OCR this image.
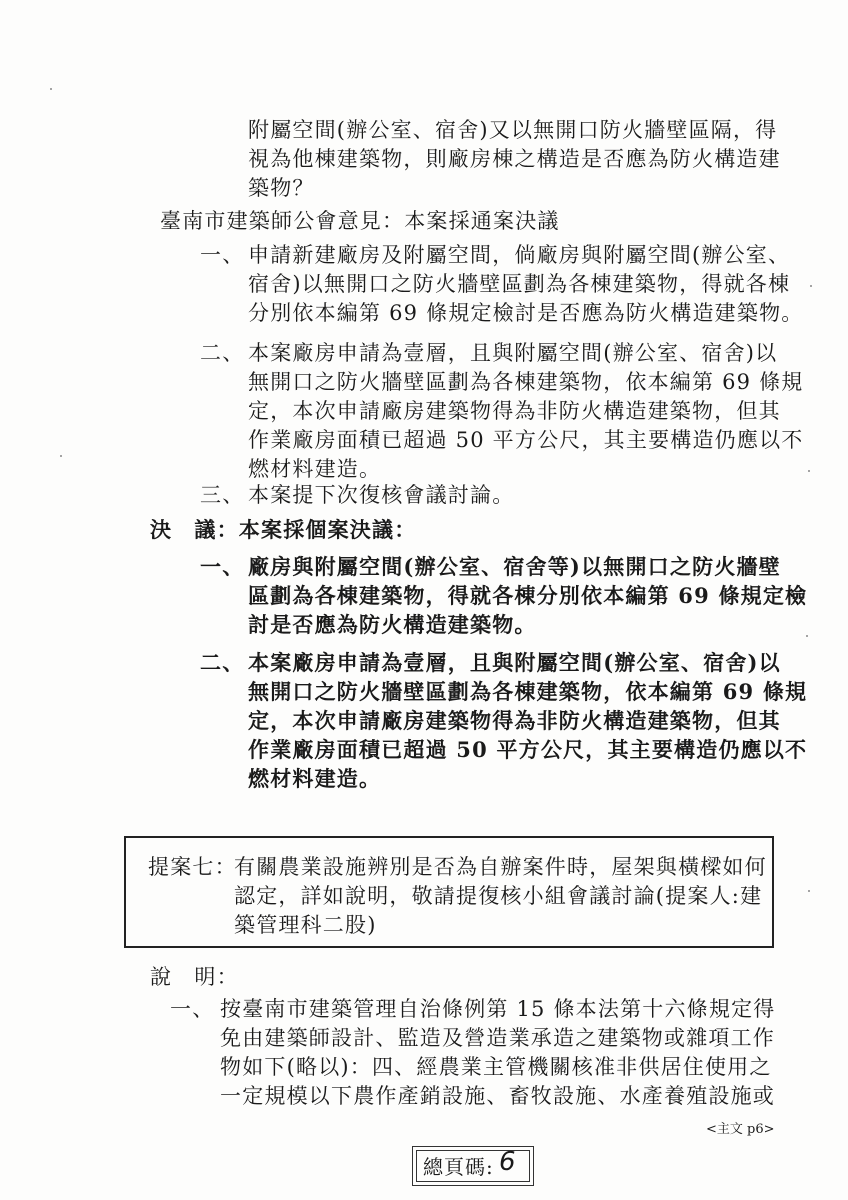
附屬空間(辦公室、宿舍)又以無開口防火牆壁區隔，得
視為他棟建築物，則廠房棟之構造是否應為防火構造建
築物？
臺南市建築師公會意見：本案採通案決議
一、 申請新建廠房及附屬空間，倘廠房與附屬空間(辦公室、
宿舍)以無開口之防火牆壁區劃為各棟建築物，得就各棟
分別依本編第 69 條規定檢討是否應為防火構造建築物。
二、 本案廠房申請為壹層，且與附屬空間(辦公室、宿舍)以
無開口之防火牆壁區劃為各棟建築物，依本編第 69 條規
定，本次申請廠房建築物得為非防火構造建築物，但其
作業廠房面積已超過 50 平方公尺，其主要構造仍應以不
燃材料建造。
三、 本案提下次復核會議討論。
決　議：本案採個案決議：
一、 廠房與附屬空間(辦公室、宿舍等)以無開口之防火牆壁
區劃為各棟建築物，得就各棟分別依本編第 69 條規定檢
討是否應為防火構造建築物。
二、 本案廠房申請為壹層，且與附屬空間(辦公室、宿舍)以
無開口之防火牆壁區劃為各棟建築物，依本編第 69 條規
定，本次申請廠房建築物得為非防火構造建築物，但其
作業廠房面積已超過 50 平方公尺，其主要構造仍應以不
燃材料建造。
提案七：
有關農業設施辨別是否為自辦案件時，屋架與橫樑如何
認定，詳如說明，敬請提復核小組會議討論(提案人:建
築管理科二股)
說　明：
一、 按臺南市建築管理自治條例第 15 條本法第十六條規定得
免由建築師設計、監造及營造業承造之建築物或雜項工作
物如下(略以)：四、經農業主管機關核准非供居住使用之
一定規模以下農作產銷設施、畜牧設施、水產養殖設施或
<主文 p6>
總頁碼: 6
